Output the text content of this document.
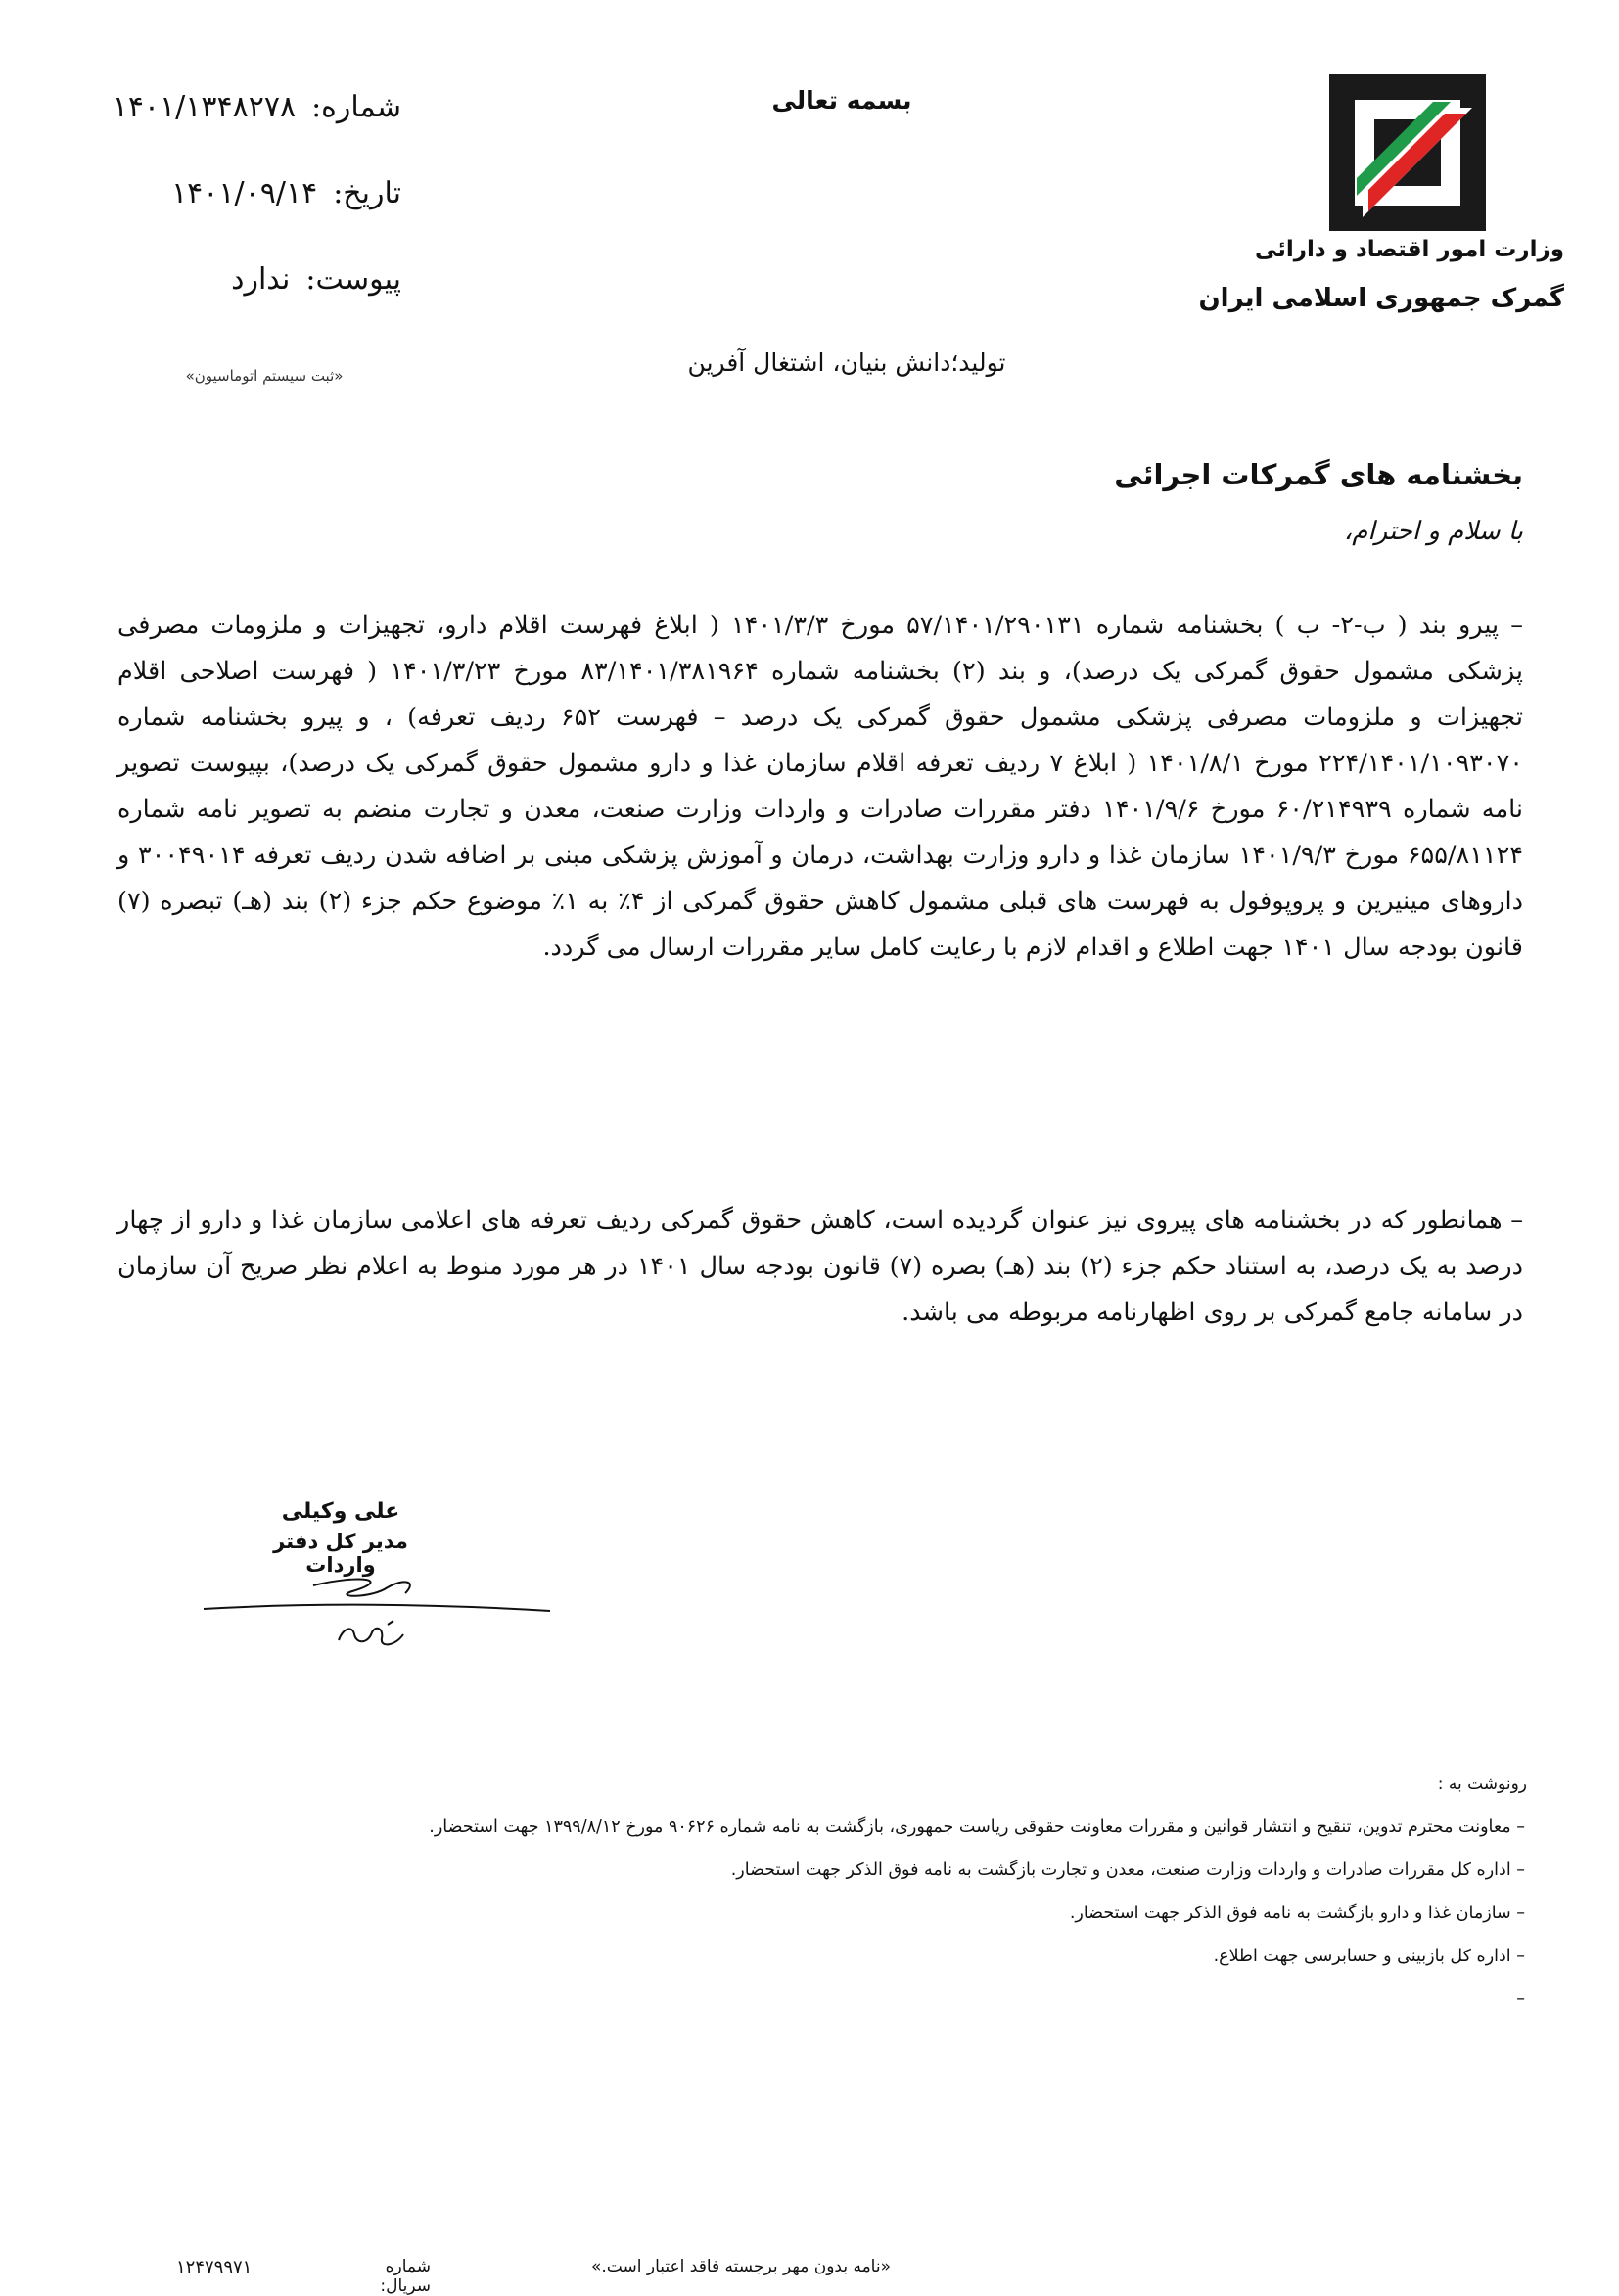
بسمه تعالی
شماره:
۱۴۰۱/۱۳۴۸۲۷۸
تاریخ:
۱۴۰۱/۰۹/۱۴
پیوست:
ندارد
«ثبت سیستم اتوماسیون»
وزارت امور اقتصاد و دارائی
گمرک جمهوری اسلامی ایران
تولید؛دانش بنیان، اشتغال آفرین
بخشنامه های گمرکات اجرائی
با سلام و احترام،

– پیرو بند ( ب-۲- ب ) بخشنامه شماره ۵۷/۱۴۰۱/۲۹۰۱۳۱ مورخ ۱۴۰۱/۳/۳ ( ابلاغ فهرست اقلام دارو، تجهیزات و ملزومات مصرفی پزشکی مشمول حقوق گمرکی یک درصد)، و بند (۲) بخشنامه شماره ۸۳/۱۴۰۱/۳۸۱۹۶۴ مورخ ۱۴۰۱/۳/۲۳ ( فهرست اصلاحی اقلام تجهیزات و ملزومات مصرفی پزشکی مشمول حقوق گمرکی یک درصد – فهرست ۶۵۲ ردیف تعرفه) ، و پیرو بخشنامه شماره ۲۲۴/۱۴۰۱/۱۰۹۳۰۷۰ مورخ ۱۴۰۱/۸/۱ ( ابلاغ ۷ ردیف تعرفه اقلام سازمان غذا و دارو مشمول حقوق گمرکی یک درصد)، بپیوست تصویر نامه شماره ۶۰/۲۱۴۹۳۹ مورخ ۱۴۰۱/۹/۶ دفتر مقررات صادرات و واردات وزارت صنعت، معدن و تجارت منضم به تصویر نامه شماره ۶۵۵/۸۱۱۲۴ مورخ ۱۴۰۱/۹/۳ سازمان غذا و دارو وزارت بهداشت، درمان و آموزش پزشکی مبنی بر اضافه شدن ردیف تعرفه ۳۰۰۴۹۰۱۴ و داروهای مینیرین و پروپوفول به فهرست های قبلی مشمول کاهش حقوق گمرکی از ۴٪ به ۱٪ موضوع حکم جزء (۲) بند (هـ) تبصره (۷) قانون بودجه سال ۱۴۰۱ جهت اطلاع و اقدام لازم با رعایت کامل سایر مقررات ارسال می گردد.

– همانطور که در بخشنامه های پیروی نیز عنوان گردیده است، کاهش حقوق گمرکی ردیف تعرفه های اعلامی سازمان غذا و دارو از چهار درصد به یک درصد، به استناد حکم جزء (۲) بند (هـ) بصره (۷) قانون بودجه سال ۱۴۰۱ در هر مورد منوط به اعلام نظر صریح آن سازمان در سامانه جامع گمرکی بر روی اظهارنامه مربوطه می باشد.

علی وکیلی
مدیر کل دفتر واردات
رونوشت به :
– معاونت محترم تدوین، تنقیح و انتشار قوانین و مقررات معاونت حقوقی ریاست جمهوری، بازگشت به نامه شماره ۹۰۶۲۶ مورخ ۱۳۹۹/۸/۱۲ جهت استحضار.
– اداره کل مقررات صادرات و واردات وزارت صنعت، معدن و تجارت بازگشت به نامه فوق الذکر جهت استحضار.
– سازمان غذا و دارو بازگشت به نامه فوق الذکر جهت استحضار.
– اداره کل بازبینی و حسابرسی جهت اطلاع.
–
«نامه بدون مهر برجسته فاقد اعتبار است.»
شماره سریال:
۱۲۴۷۹۹۷۱
